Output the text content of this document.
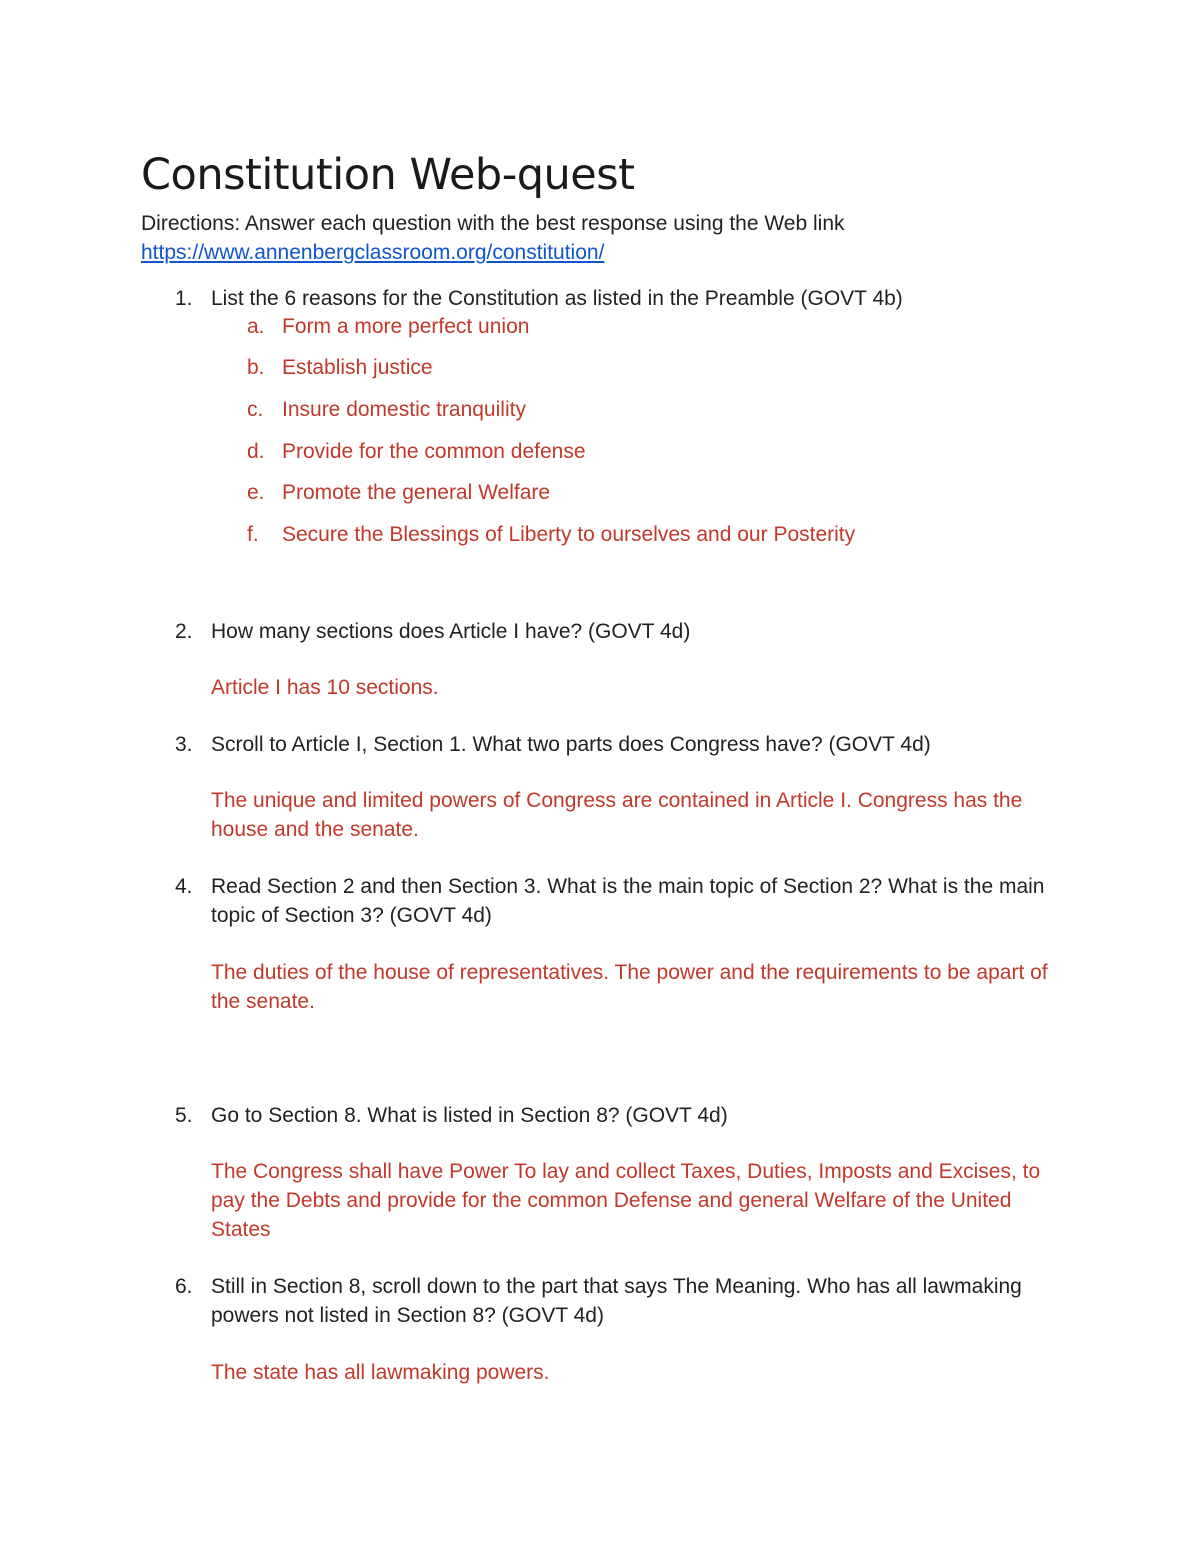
Constitution Web-quest

Directions: Answer each question with the best response using the Web link

https://www.annenbergclassroom.org/constitution/
1. List the 6 reasons for the Constitution as listed in the Preamble (GOVT 4b)

a. Form a more perfect union
b. Establish justice
c. Insure domestic tranquility
d. Provide for the common defense
e. Promote the general Welfare
f. Secure the Blessings of Liberty to ourselves and our Posterity
2. How many sections does Article I have? (GOVT 4d)

Article I has 10 sections.

3. Scroll to Article I, Section 1. What two parts does Congress have? (GOVT 4d)

The unique and limited powers of Congress are contained in Article I. Congress has the house and the senate.

4. Read Section 2 and then Section 3. What is the main topic of Section 2? What is the main topic of Section 3? (GOVT 4d)

The duties of the house of representatives. The power and the requirements to be apart of the senate.

5. Go to Section 8. What is listed in Section 8? (GOVT 4d)

The Congress shall have Power To lay and collect Taxes, Duties, Imposts and Excises, to pay the Debts and provide for the common Defense and general Welfare of the United States

6. Still in Section 8, scroll down to the part that says The Meaning. Who has all lawmaking powers not listed in Section 8? (GOVT 4d)

The state has all lawmaking powers.
